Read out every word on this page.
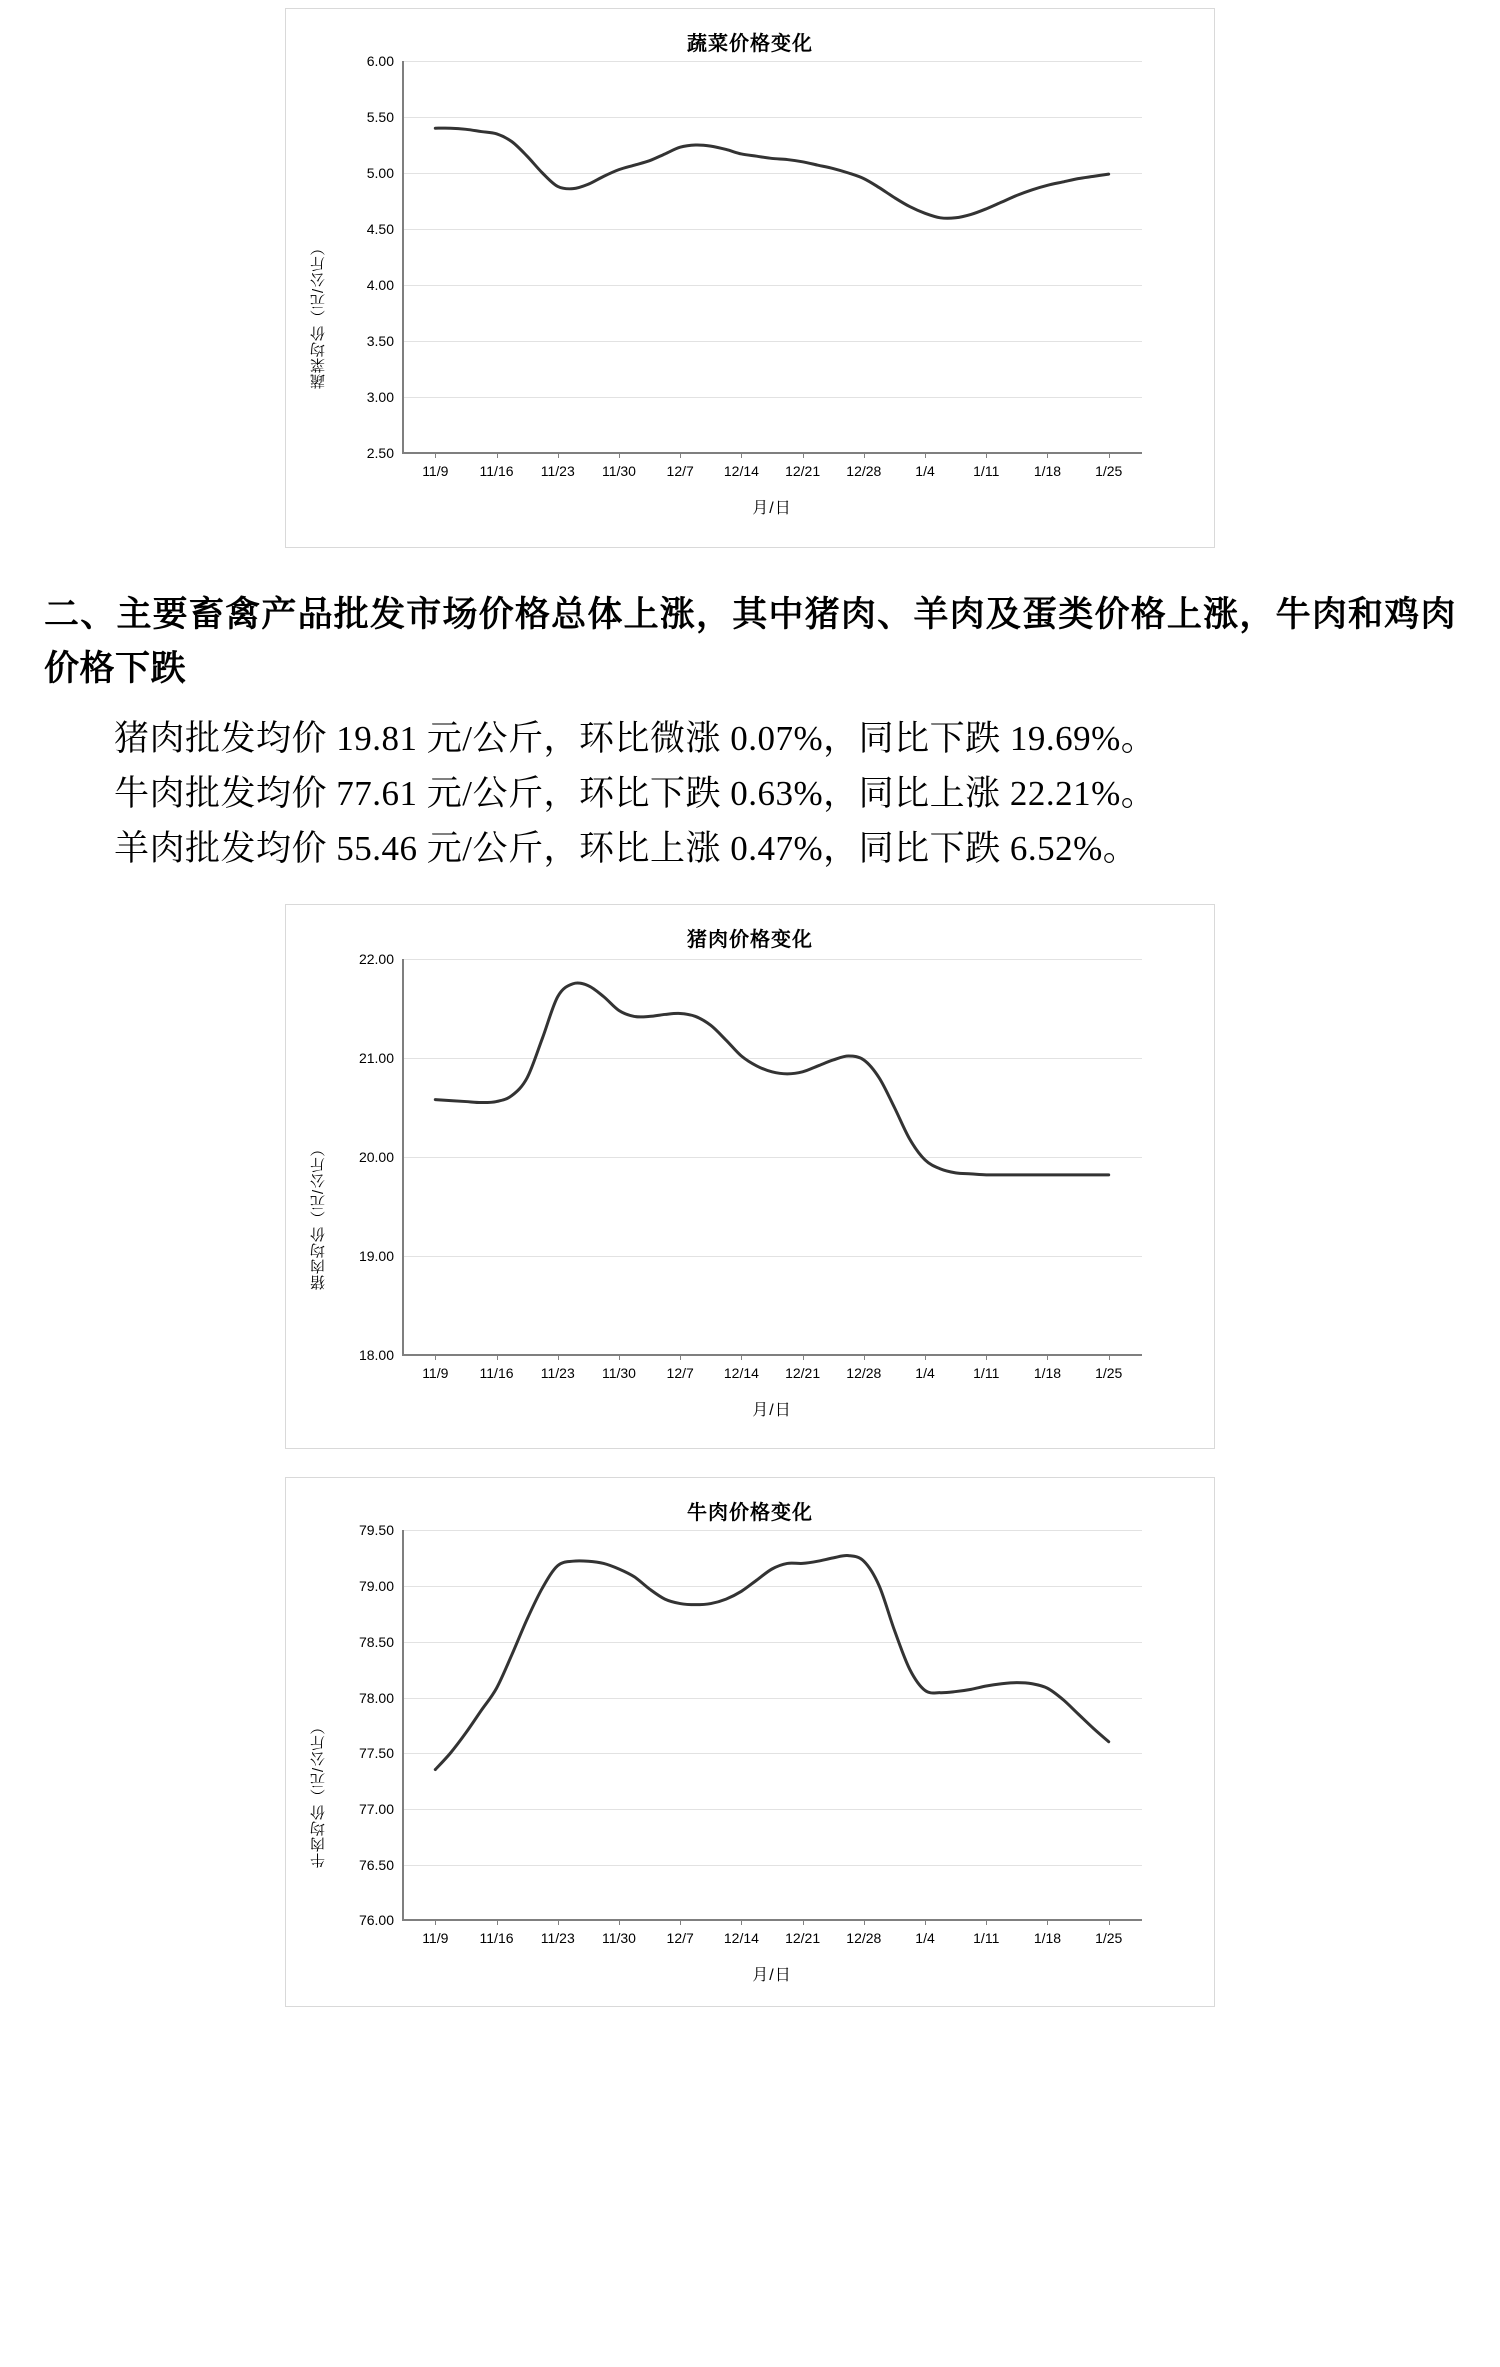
蔬菜价格变化
蔬菜均价（元/公斤）
2.50
3.00
3.50
4.00
4.50
5.00
5.50
6.00
11/9 11/16 11/23 11/30 12/7 12/14 12/21 12/28 1/4	1/11 1/18 1/25
月/日
二、主要畜禽产品批发市场价格总体上涨，其中猪肉、羊肉及蛋类价格上涨，牛肉和鸡肉价格下跌

猪肉批发均价 19.81 元/公斤，环比微涨 0.07%，同比下跌 19.69%。

牛肉批发均价 77.61 元/公斤，环比下跌 0.63%，同比上涨 22.21%。

羊肉批发均价 55.46 元/公斤，环比上涨 0.47%，同比下跌 6.52%。

猪肉价格变化
猪肉均价（元/公斤）
18.00
19.00
20.00
21.00
22.00
11/9 11/16 11/23 11/30 12/7 12/14 12/21 12/28 1/4	1/11 1/18 1/25
月/日
牛肉价格变化
牛肉均价（元/公斤）
76.00
76.50
77.00
77.50
78.00
78.50
79.00
79.50
11/9 11/16 11/23 11/30 12/7 12/14 12/21 12/28 1/4	1/11 1/18 1/25
月/日
